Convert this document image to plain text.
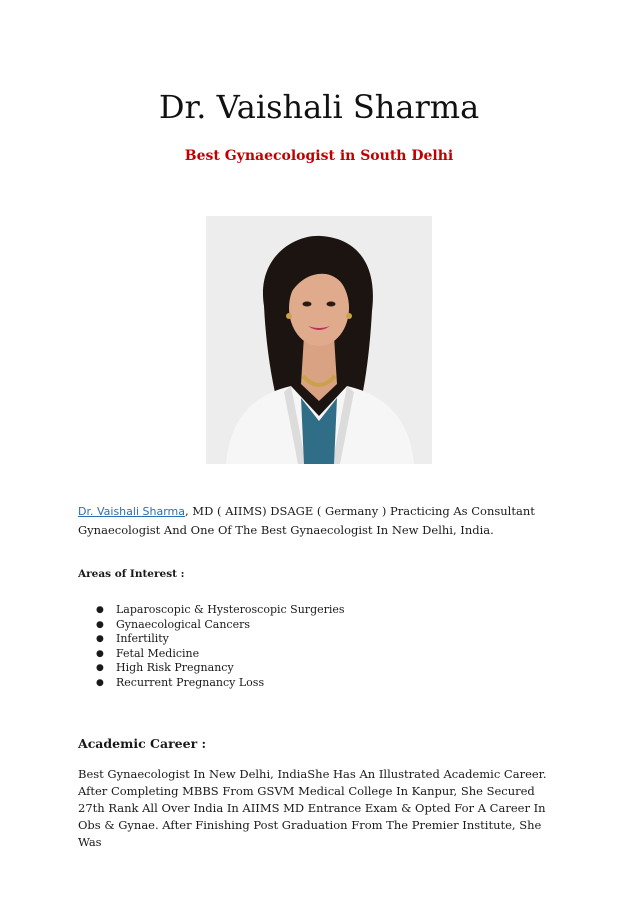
Dr. Vaishali Sharma
Best Gynaecologist in South Delhi

Dr. Vaishali Sharma, MD ( AIIMS) DSAGE ( Germany ) Practicing As Consultant Gynaecologist And One Of The Best Gynaecologist In New Delhi, India.

Areas of Interest :

● Laparoscopic & Hysteroscopic Surgeries
● Gynaecological Cancers
● Infertility
● Fetal Medicine
● High Risk Pregnancy
● Recurrent Pregnancy Loss

Academic Career :

Best Gynaecologist In New Delhi, IndiaShe Has An Illustrated Academic Career. After Completing MBBS From GSVM Medical College In Kanpur, She Secured 27th Rank All Over India In AIIMS MD Entrance Exam & Opted For A Career In Obs & Gynae. After Finishing Post Graduation From The Premier Institute, She Was
